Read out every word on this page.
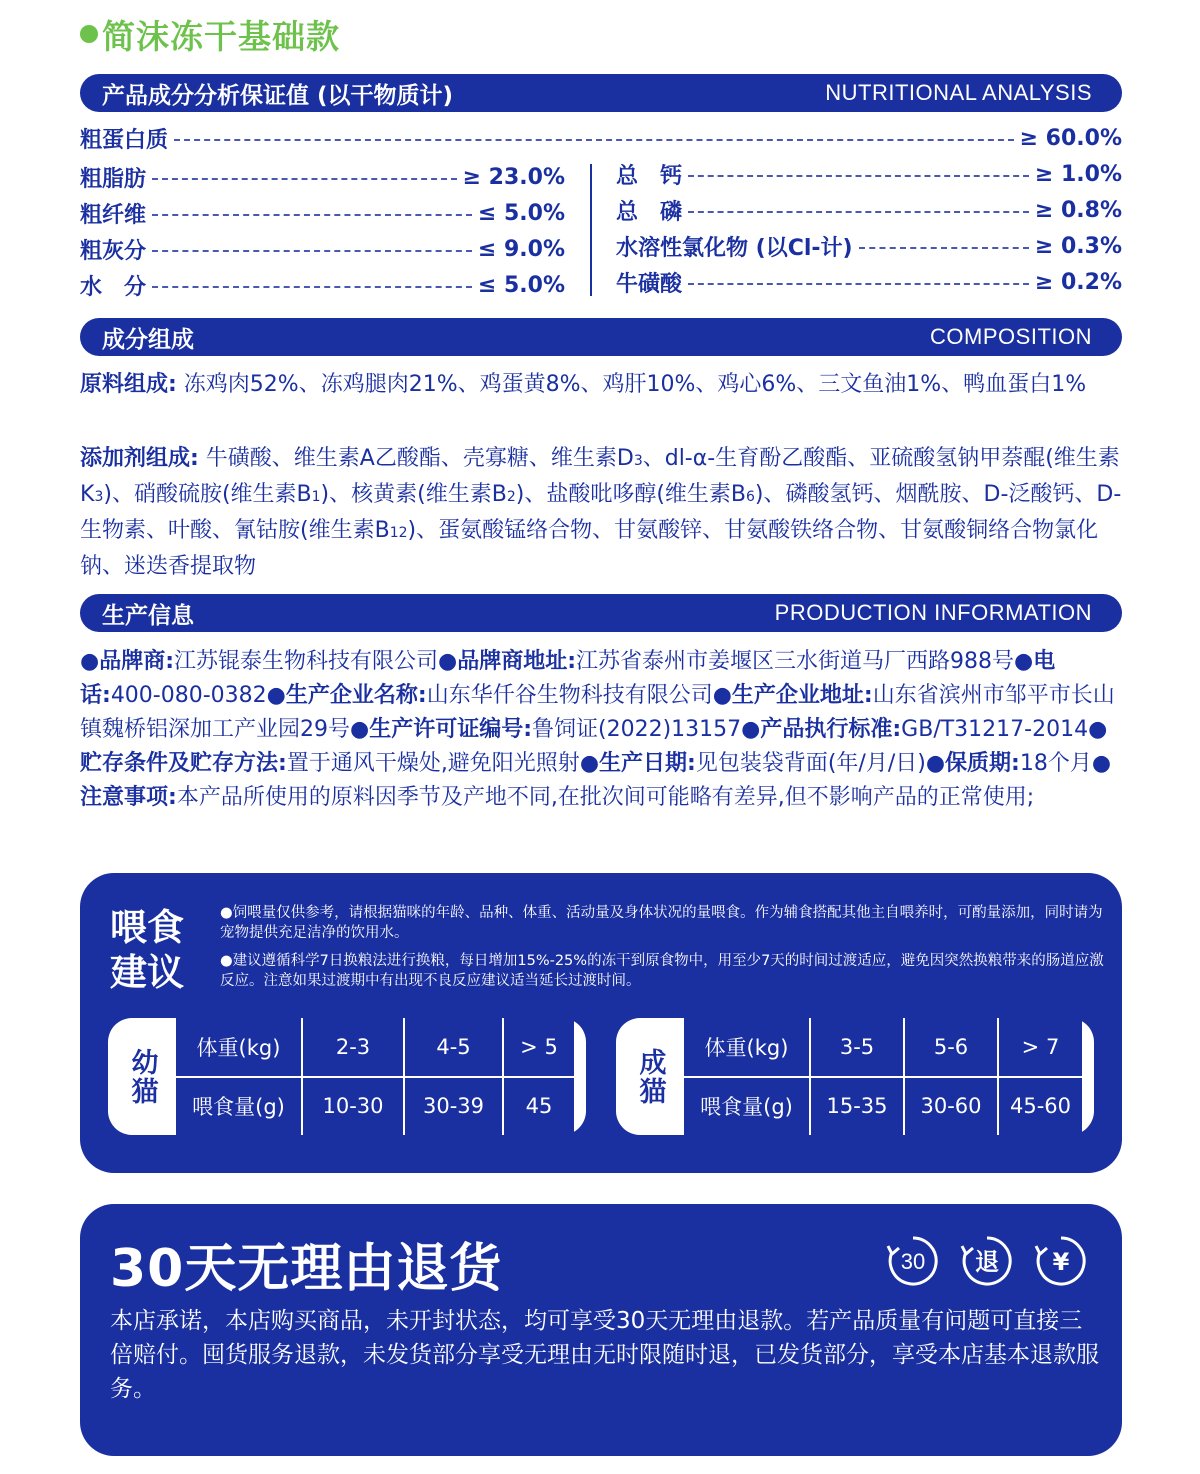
简沫冻干基础款
产品成分分析保证值 (以干物质计)	NUTRITIONAL ANALYSIS
粗蛋白质	≥ 60.0%
粗脂肪	≥ 23.0%
粗纤维	≤ 5.0%
粗灰分	≤ 9.0%
水　分	≤ 5.0%
总　钙	≥ 1.0%
总　磷	≥ 0.8%
水溶性氯化物 (以Cl-计)	≥ 0.3%
牛磺酸	≥ 0.2%
成分组成	COMPOSITION
原料组成: 冻鸡肉52%、冻鸡腿肉21%、鸡蛋黄8%、鸡肝10%、鸡心6%、三文鱼油1%、鸭血蛋白1%
添加剂组成: 牛磺酸、维生素A乙酸酯、壳寡糖、维生素D3、dl-α-生育酚乙酸酯、亚硫酸氢钠甲萘醌(维生素K3)、硝酸硫胺(维生素B1)、核黄素(维生素B2)、盐酸吡哆醇(维生素B6)、磷酸氢钙、烟酰胺、D-泛酸钙、D-生物素、叶酸、氰钴胺(维生素B12)、蛋氨酸锰络合物、甘氨酸锌、甘氨酸铁络合物、甘氨酸铜络合物氯化钠、迷迭香提取物
生产信息	PRODUCTION INFORMATION
●品牌商:江苏锟泰生物科技有限公司●品牌商地址:江苏省泰州市姜堰区三水街道马厂西路988号●电话:400-080-0382●生产企业名称:山东华仟谷生物科技有限公司●生产企业地址:山东省滨州市邹平市长山镇魏桥铝深加工产业园29号●生产许可证编号:鲁饲证(2022)13157●产品执行标准:GB/T31217-2014●贮存条件及贮存方法:置于通风干燥处,避免阳光照射●生产日期:见包装袋背面(年/月/日)●保质期:18个月●注意事项:本产品所使用的原料因季节及产地不同,在批次间可能略有差异,但不影响产品的正常使用;
喂食建议
●饲喂量仅供参考，请根据猫咪的年龄、品种、体重、活动量及身体状况的量喂食。作为辅食搭配其他主自喂养时，可酌量添加，同时请为宠物提供充足洁净的饮用水。
●建议遵循科学7日换粮法进行换粮，每日增加15%-25%的冻干到原食物中，用至少7天的时间过渡适应，避免因突然换粮带来的肠道应激反应。注意如果过渡期中有出现不良反应建议适当延长过渡时间。
幼猫 体重(kg)	2-3	4-5	> 5
喂食量(g)	10-30	30-39	45
成猫 体重(kg)	3-5	5-6	> 7
喂食量(g)	15-35	30-60	45-60
30天无理由退货	30 退 ¥
本店承诺，本店购买商品，未开封状态，均可享受30天无理由退款。若产品质量有问题可直接三倍赔付。囤货服务退款，未发货部分享受无理由无时限随时退，已发货部分，享受本店基本退款服务。
